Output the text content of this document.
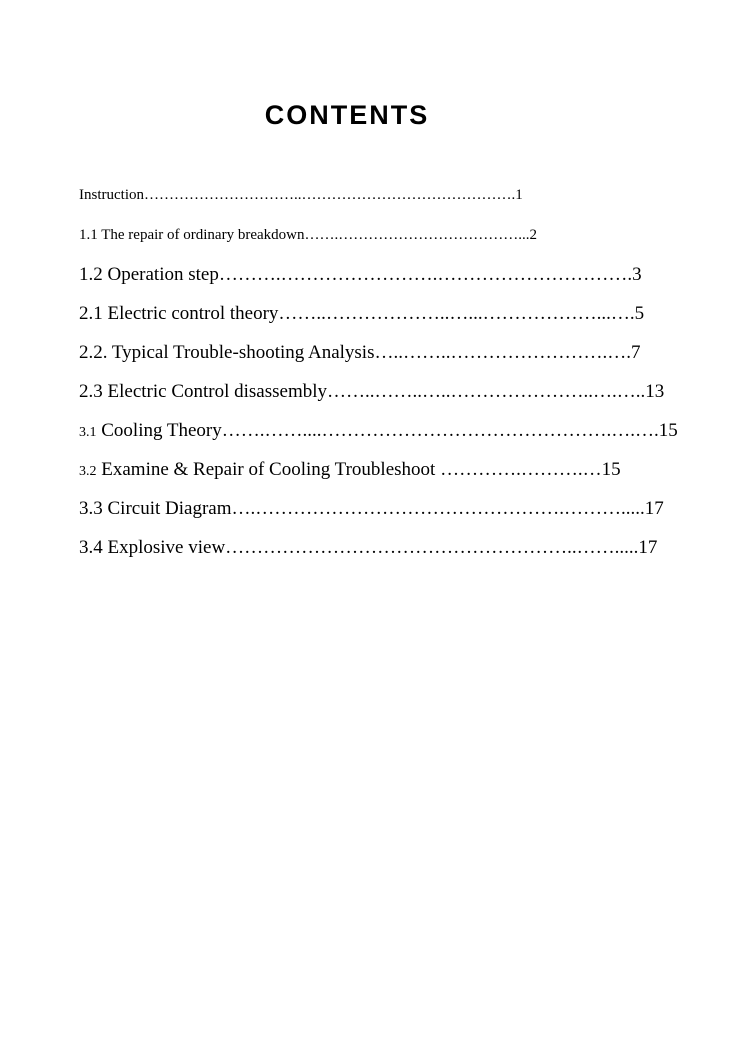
CONTENTS
Instruction…………………………..…………………………………….1
1.1 The repair of ordinary breakdown…….………………………………...2
1.2 Operation step……….…………………….………………………….3
2.1 Electric control theory……..………………..…...………………...….5
2.2. Typical Trouble-shooting Analysis…..……..…………………….….7
2.3 Electric Control disassembly……..……..…..…………………..….…..13
3.1 Cooling Theory…….……....……………………………………….….….15
3.2 Examine & Repair of Cooling Troubleshoot ………….……….…15
3.3 Circuit Diagram….………………………………………….……….....17
3.4 Explosive view………………………………………………..…….....17
